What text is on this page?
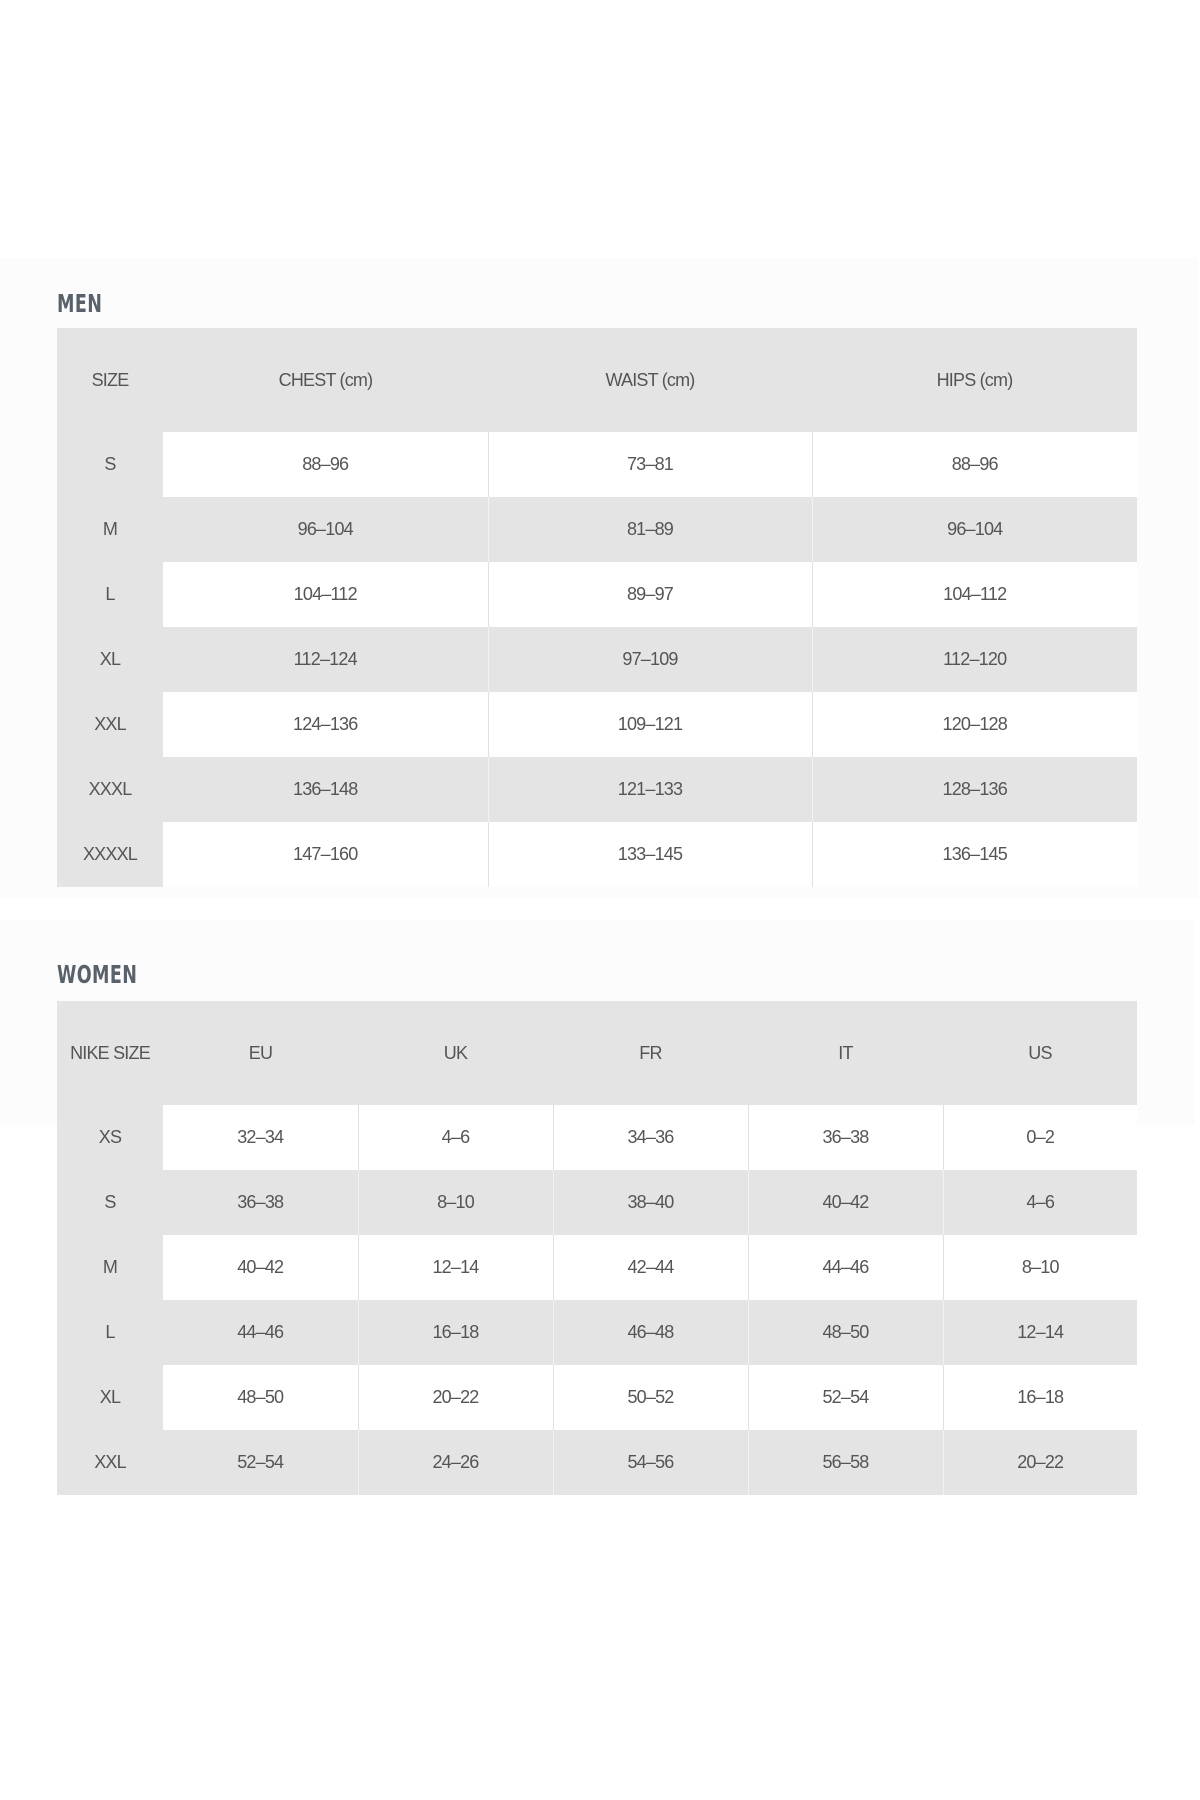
MEN
SIZE	CHEST (cm)	WAIST (cm)	HIPS (cm)
S	88–96	73–81	88–96
M	96–104	81–89	96–104
L	104–112	89–97	104–112
XL	112–124	97–109	112–120
XXL	124–136	109–121	120–128
XXXL	136–148	121–133	128–136
XXXXL	147–160	133–145	136–145
WOMEN
NIKE SIZE	EU	UK	FR	IT	US
XS	32–34	4–6	34–36	36–38	0–2
S	36–38	8–10	38–40	40–42	4–6
M	40–42	12–14	42–44	44–46	8–10
L	44–46	16–18	46–48	48–50	12–14
XL	48–50	20–22	50–52	52–54	16–18
XXL	52–54	24–26	54–56	56–58	20–22
